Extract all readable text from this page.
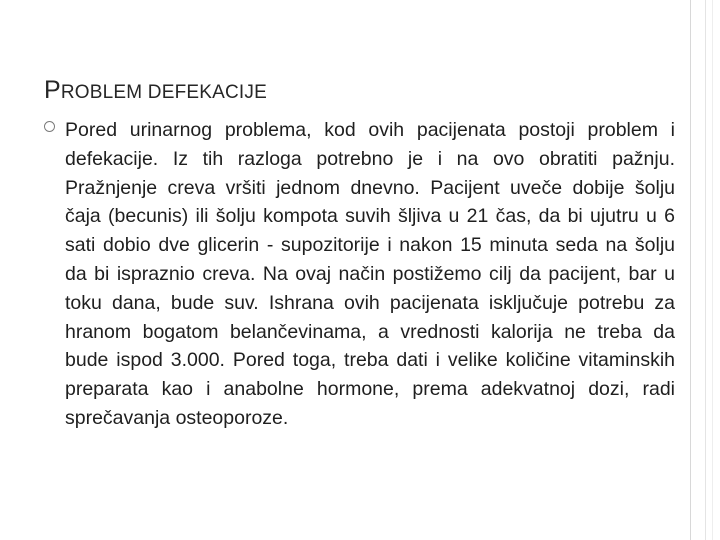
PROBLEM DEFEKACIJE
Pored urinarnog problema, kod ovih pacijenata postoji problem i defekacije. Iz tih razloga potrebno je i na ovo obratiti pažnju. Pražnjenje creva vršiti jednom dnevno. Pacijent uveče dobije šolju čaja (becunis) ili šolju kompota suvih šljiva u 21 čas, da bi ujutru u 6 sati dobio dve glicerin - supozitorije i nakon 15 minuta seda na šolju da bi ispraznio creva. Na ovaj način postižemo cilj da pacijent, bar u toku dana, bude suv. Ishrana ovih pacijenata isključuje potrebu za hranom bogatom belančevinama, a vrednosti kalorija ne treba da bude ispod 3.000. Pored toga, treba dati i velike količine vitaminskih preparata kao i anabolne hormone, prema adekvatnoj dozi, radi sprečavanja osteoporoze.
